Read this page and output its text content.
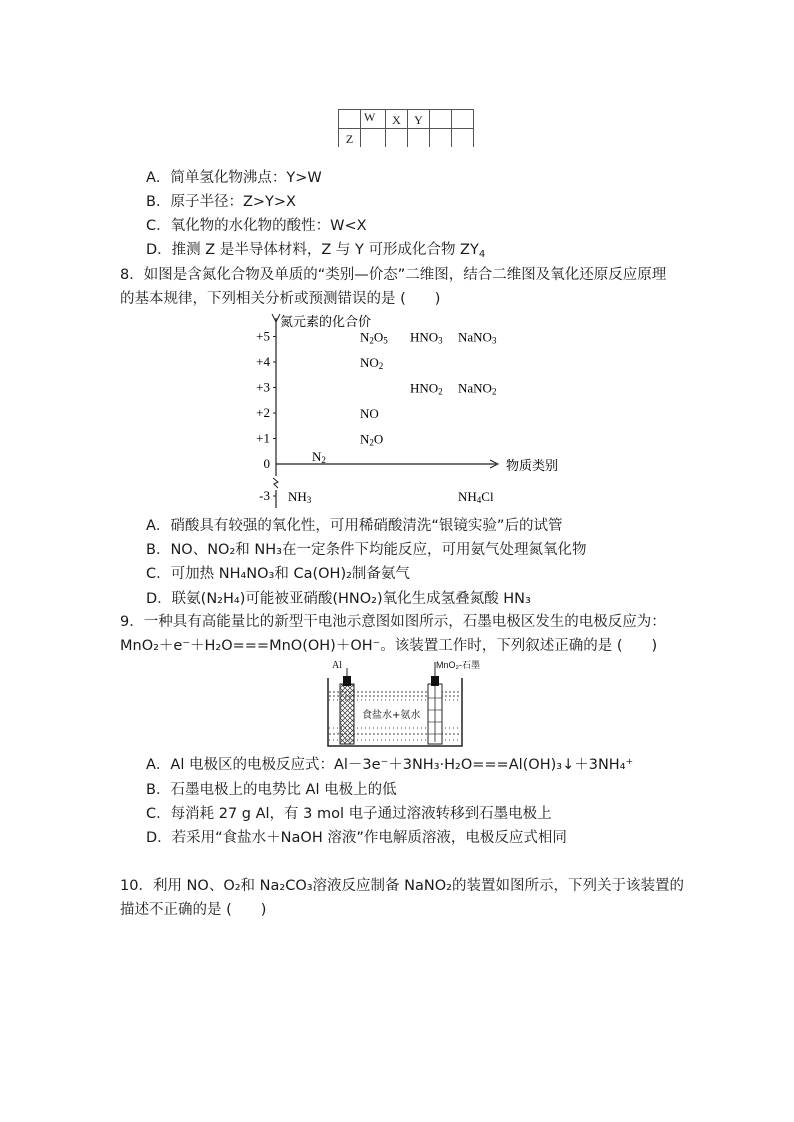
	W	X	Y		
Z					
A．简单氢化物沸点：Y>W
B．原子半径：Z>Y>X
C．氧化物的水化物的酸性：W<X
D．推测 Z 是半导体材料，Z 与 Y 可形成化合物 $ZY_4$
8．如图是含氮化合物及单质的“类别—价态”二维图，结合二维图及氧化还原反应原理
的基本规律，下列相关分析或预测错误的是 (　　)
氮元素的化合价
物质类别
+5
+4
+3
+2
+1
0
-3
N2O5 HNO3 NaNO3
NO2
HNO2 NaNO2
NO
N2O
N2
NH3	NH4Cl
A．硝酸具有较强的氧化性，可用稀硝酸清洗“银镜实验”后的试管
B．NO、NO₂和 NH₃在一定条件下均能反应，可用氨气处理氮氧化物
C．可加热 NH₄NO₃和 Ca(OH)₂制备氨气
D．联氨(N₂H₄)可能被亚硝酸(HNO₂)氧化生成氢叠氮酸 HN₃
9．一种具有高能量比的新型干电池示意图如图所示，石墨电极区发生的电极反应为：
MnO₂＋e⁻＋H₂O===MnO(OH)＋OH⁻。该装置工作时，下列叙述正确的是 (　　)
Al	MnO₂-石墨
食盐水+氨水
A．Al 电极区的电极反应式：Al－3e⁻＋3NH₃·H₂O===Al(OH)₃↓＋3NH₄⁺
B．石墨电极上的电势比 Al 电极上的低
C．每消耗 27 g Al，有 3 mol 电子通过溶液转移到石墨电极上
D．若采用“食盐水＋NaOH 溶液”作电解质溶液，电极反应式相同
10．利用 NO、O₂和 Na₂CO₃溶液反应制备 NaNO₂的装置如图所示，下列关于该装置的
描述不正确的是 (　　)
